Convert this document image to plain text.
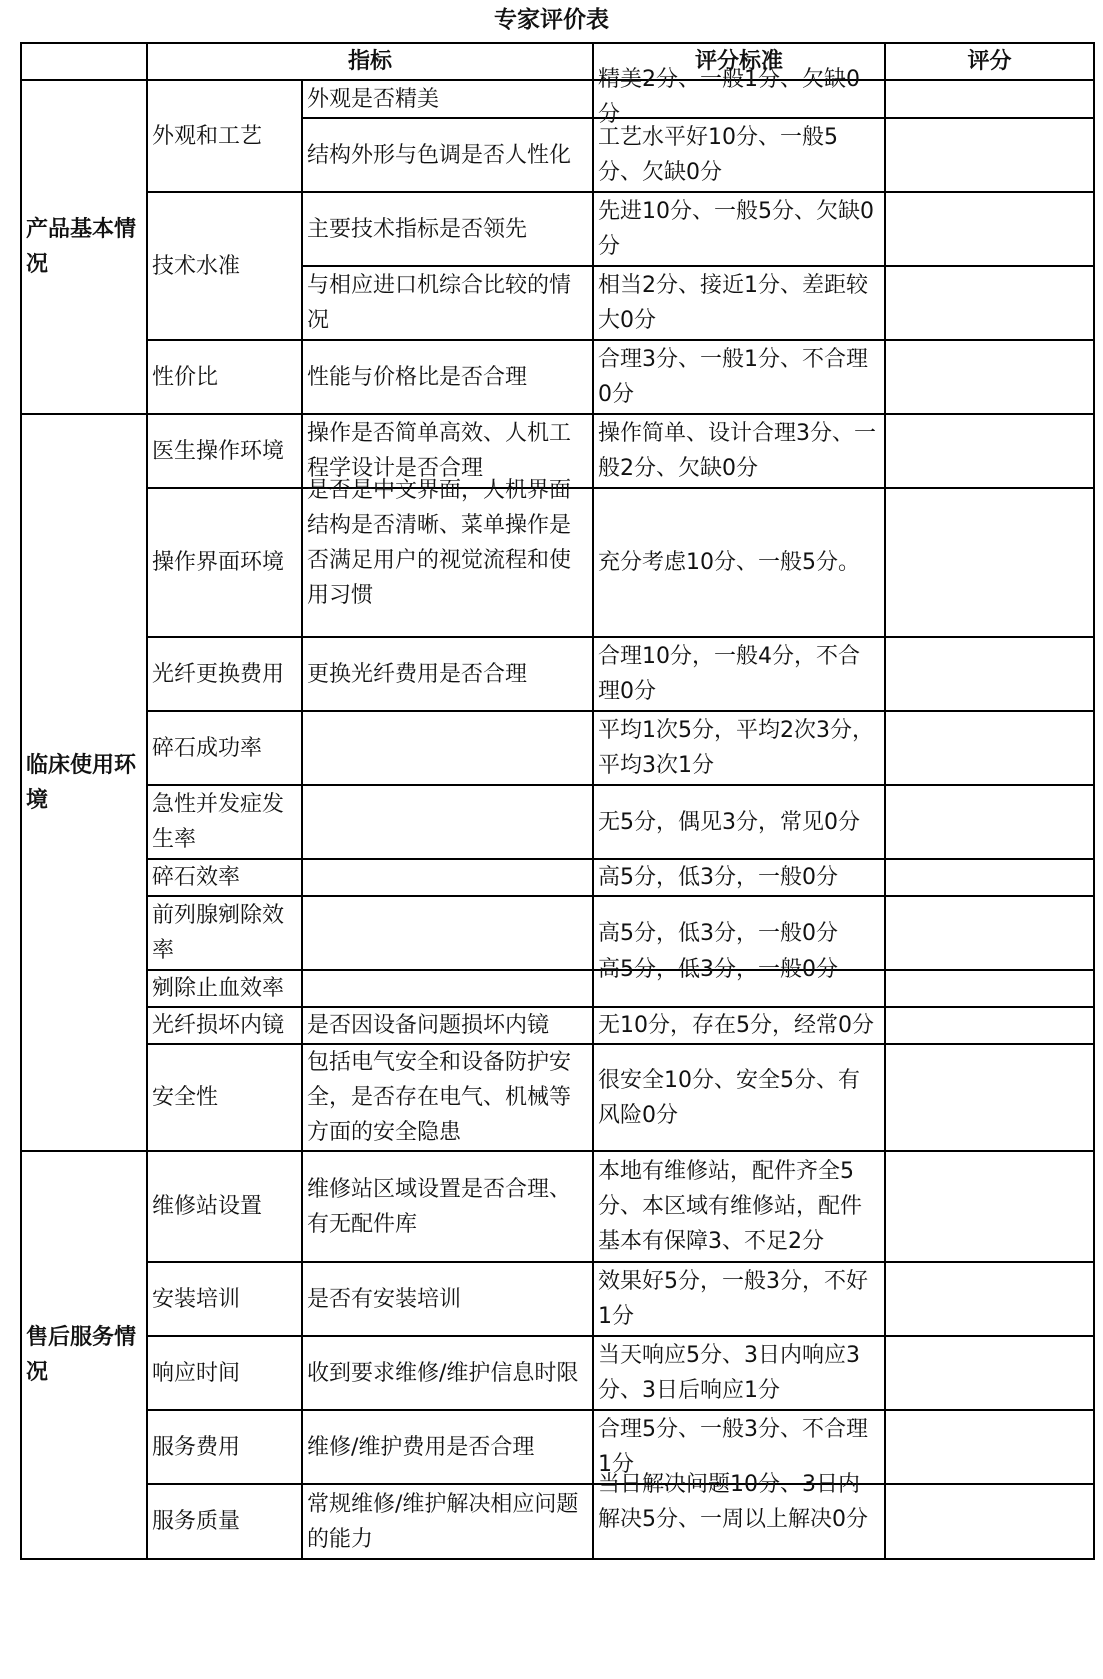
专家评价表
	指标		评分标准	评分
产品基本情况	外观和工艺	外观是否精美	精美2分、一般1分、欠缺0分	

		结构外形与色调是否人性化	工艺水平好10分、一般5分、欠缺0分	
	技术水准	主要技术指标是否领先	先进10分、一般5分、欠缺0分	
		与相应进口机综合比较的情况	相当2分、接近1分、差距较大0分	
	性价比	性能与价格比是否合理	合理3分、一般1分、不合理0分	
临床使用环境	医生操作环境	操作是否简单高效、人机工程学设计是否合理	操作简单、设计合理3分、一般2分、欠缺0分	
	操作界面环境	是否是中文界面，人机界面结构是否清晰、菜单操作是否满足用户的视觉流程和使用习惯	充分考虑10分、一般5分。	
	光纤更换费用	更换光纤费用是否合理	合理10分，一般4分，不合理0分	
	碎石成功率		平均1次5分，平均2次3分，平均3次1分	
	急性并发症发生率		无5分，偶见3分，常见0分	
	碎石效率		高5分，低3分，一般0分	
	前列腺剜除效率		高5分，低3分，一般0分	
	剜除止血效率		高5分，低3分，一般0分	

	光纤损坏内镜	是否因设备问题损坏内镜	无10分，存在5分，经常0分	
	安全性	包括电气安全和设备防护安全，是否存在电气、机械等方面的安全隐患	很安全10分、安全5分、有风险0分	
售后服务情况	维修站设置	维修站区域设置是否合理、有无配件库	本地有维修站，配件齐全5分、本区域有维修站，配件基本有保障3、不足2分	
	安装培训	是否有安装培训	效果好5分，一般3分，不好1分	
	响应时间	收到要求维修/维护信息时限	当天响应5分、3日内响应3分、3日后响应1分	
	服务费用	维修/维护费用是否合理	合理5分、一般3分、不合理1分	
	服务质量	常规维修/维护解决相应问题的能力	当日解决问题10分、3日内解决5分、一周以上解决0分	
